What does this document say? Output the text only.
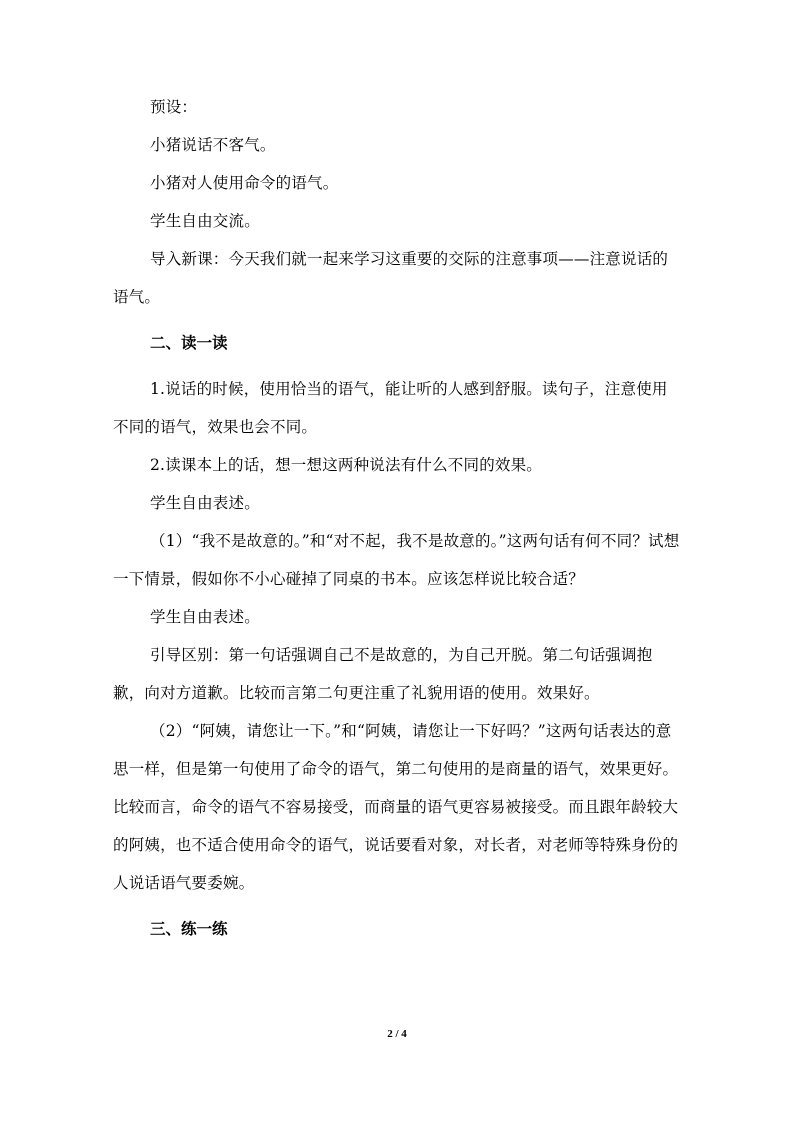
预设：

小猪说话不客气。

小猪对人使用命令的语气。

学生自由交流。

导入新课：今天我们就一起来学习这重要的交际的注意事项——注意说话的语气。

二、读一读

1.说话的时候，使用恰当的语气，能让听的人感到舒服。读句子，注意使用不同的语气，效果也会不同。

2.读课本上的话，想一想这两种说法有什么不同的效果。

学生自由表述。

（1）“我不是故意的。”和“对不起，我不是故意的。”这两句话有何不同？试想一下情景，假如你不小心碰掉了同桌的书本。应该怎样说比较合适？

学生自由表述。

引导区别：第一句话强调自己不是故意的，为自己开脱。第二句话强调抱歉，向对方道歉。比较而言第二句更注重了礼貌用语的使用。效果好。

（2）“阿姨，请您让一下。”和“阿姨，请您让一下好吗？”这两句话表达的意思一样，但是第一句使用了命令的语气，第二句使用的是商量的语气，效果更好。比较而言，命令的语气不容易接受，而商量的语气更容易被接受。而且跟年龄较大的阿姨，也不适合使用命令的语气，说话要看对象，对长者，对老师等特殊身份的人说话语气要委婉。

三、练一练

2 / 4
